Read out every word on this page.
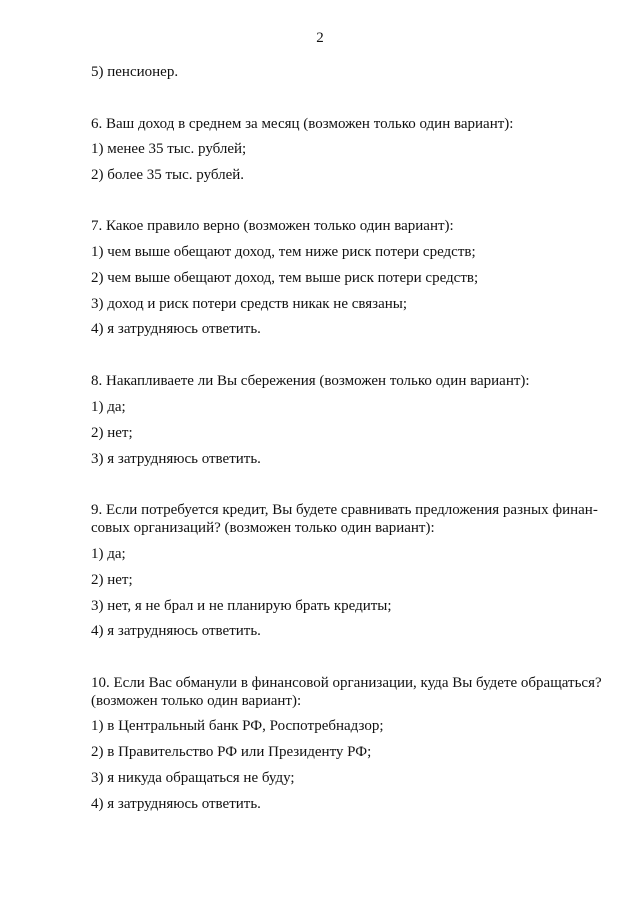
2
5) пенсионер.
6. Ваш доход в среднем за месяц (возможен только один вариант):
1) менее 35 тыс. рублей;
2) более 35 тыс. рублей.
7. Какое правило верно (возможен только один вариант):
1) чем выше обещают доход, тем ниже риск потери средств;
2) чем выше обещают доход, тем выше риск потери средств;
3) доход и риск потери средств никак не связаны;
4) я затрудняюсь ответить.
8. Накапливаете ли Вы сбережения (возможен только один вариант):
1) да;
2) нет;
3) я затрудняюсь ответить.
9. Если потребуется кредит, Вы будете сравнивать предложения разных финан-
совых организаций? (возможен только один вариант):
1) да;
2) нет;
3) нет, я не брал и не планирую брать кредиты;
4) я затрудняюсь ответить.
10. Если Вас обманули в финансовой организации, куда Вы будете обращаться?
(возможен только один вариант):
1) в Центральный банк РФ, Роспотребнадзор;
2) в Правительство РФ или Президенту РФ;
3) я никуда обращаться не буду;
4) я затрудняюсь ответить.
